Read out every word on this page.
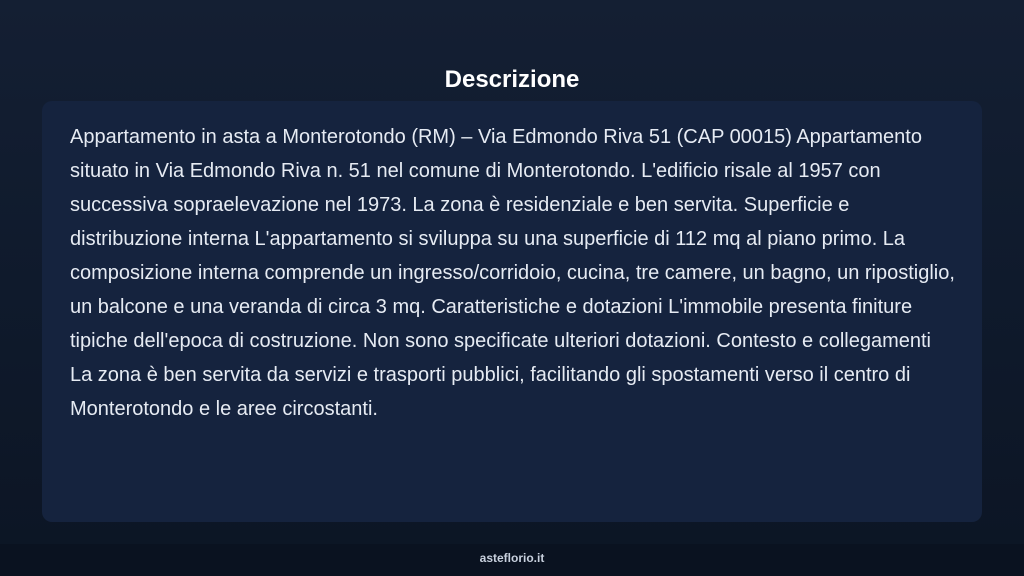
Descrizione

Appartamento in asta a Monterotondo (RM) – Via Edmondo Riva 51 (CAP 00015) Appartamento situato in Via Edmondo Riva n. 51 nel comune di Monterotondo. L'edificio risale al 1957 con successiva sopraelevazione nel 1973. La zona è residenziale e ben servita. Superficie e distribuzione interna L'appartamento si sviluppa su una superficie di 112 mq al piano primo. La composizione interna comprende un ingresso/corridoio, cucina, tre camere, un bagno, un ripostiglio, un balcone e una veranda di circa 3 mq. Caratteristiche e dotazioni L'immobile presenta finiture tipiche dell'epoca di costruzione. Non sono specificate ulteriori dotazioni. Contesto e collegamenti La zona è ben servita da servizi e trasporti pubblici, facilitando gli spostamenti verso il centro di Monterotondo e le aree circostanti.

asteflorio.it
